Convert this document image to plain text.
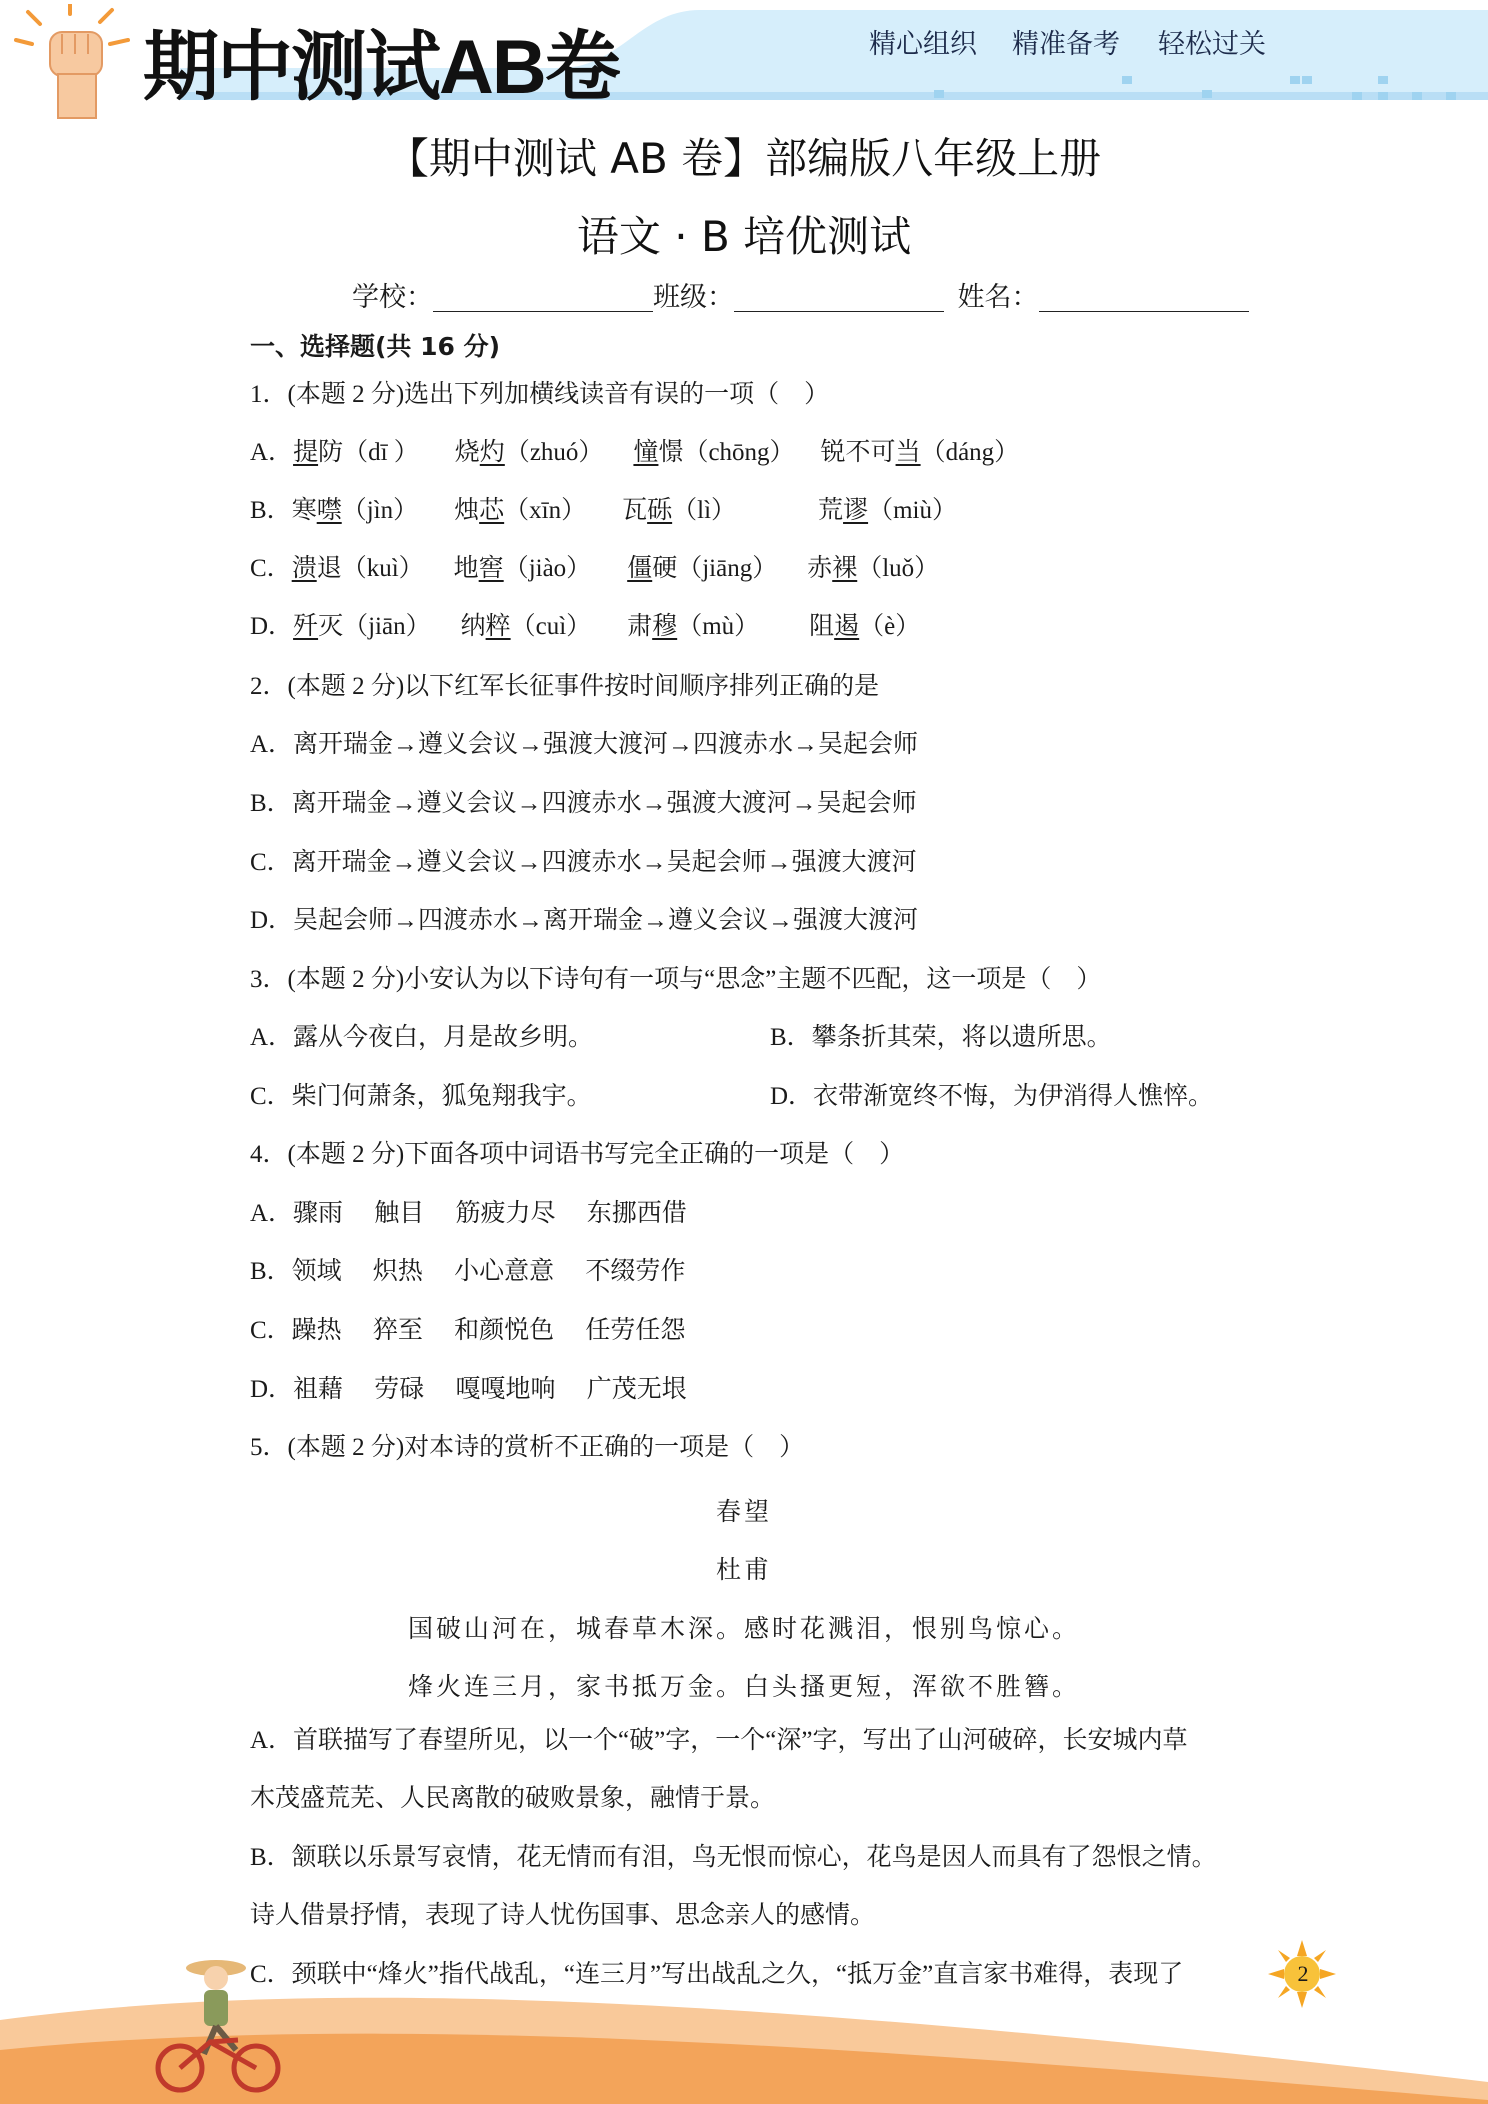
期中测试AB卷	精心组织 精准备考 轻松过关
【期中测试 AB 卷】部编版八年级上册
语文 · B 培优测试
学校：	班级：	姓名：
一、选择题(共 16 分)
1．(本题 2 分)选出下列加横线读音有误的一项（　）
A．提防（dī ） 烧灼（zhuó） 憧憬（chōng） 锐不可当（dáng）
B．寒噤（jìn） 烛芯（xīn） 瓦砾（lì）	荒谬（miù）
C．溃退（kuì） 地窖（jiào） 僵硬（jiāng） 赤裸（luǒ）
D．歼灭（jiān） 纳粹（cuì） 肃穆（mù） 阻遏（è）
2．(本题 2 分)以下红军长征事件按时间顺序排列正确的是
A．离开瑞金→遵义会议→强渡大渡河→四渡赤水→吴起会师
B．离开瑞金→遵义会议→四渡赤水→强渡大渡河→吴起会师
C．离开瑞金→遵义会议→四渡赤水→吴起会师→强渡大渡河
D．吴起会师→四渡赤水→离开瑞金→遵义会议→强渡大渡河
3．(本题 2 分)小安认为以下诗句有一项与“思念”主题不匹配，这一项是（　）
A．露从今夜白，月是故乡明。	B．攀条折其荣，将以遗所思。
C．柴门何萧条，狐兔翔我宇。	D．衣带渐宽终不悔，为伊消得人憔悴。
4．(本题 2 分)下面各项中词语书写完全正确的一项是（　）
A．骤雨　 触目　 筋疲力尽　 东挪西借
B．领域　 炽热　 小心意意　 不缀劳作
C．躁热　 猝至　 和颜悦色　 任劳任怨
D．祖藉　 劳碌　 嘎嘎地响　 广茂无垠
5．(本题 2 分)对本诗的赏析不正确的一项是（　）
春望
杜甫
国破山河在，城春草木深。感时花溅泪，恨别鸟惊心。
烽火连三月，家书抵万金。白头搔更短，浑欲不胜簪。
A．首联描写了春望所见，以一个“破”字，一个“深”字，写出了山河破碎，长安城内草
木茂盛荒芜、人民离散的破败景象，融情于景。
B．颔联以乐景写哀情，花无情而有泪，鸟无恨而惊心，花鸟是因人而具有了怨恨之情。
诗人借景抒情，表现了诗人忧伤国事、思念亲人的感情。
C．颈联中“烽火”指代战乱，“连三月”写出战乱之久，“抵万金”直言家书难得，表现了	2
